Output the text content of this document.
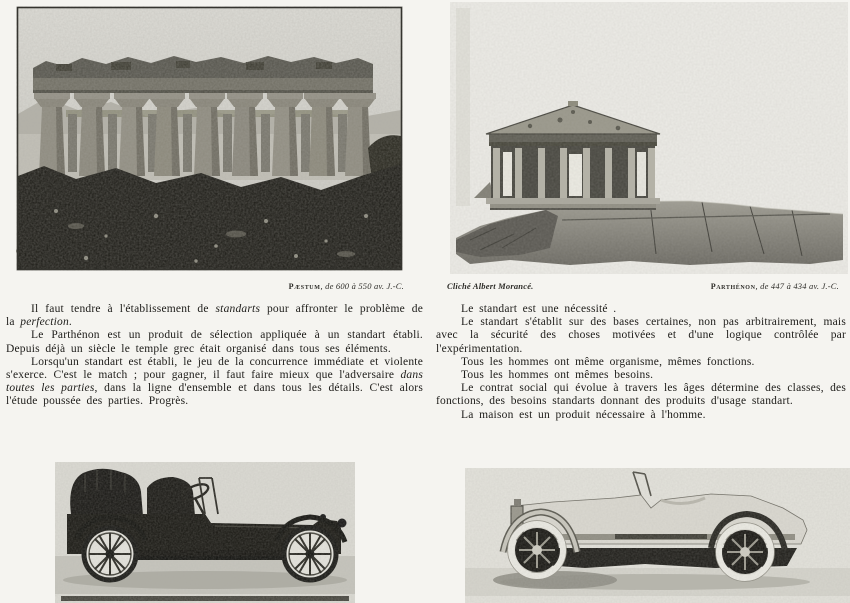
Pæstum, de 600 à 550 av. J.-C.	Cliché Albert Morancé.	Parthénon, de 447 à 434 av. J.-C.

Il faut tendre à l'établissement de standarts pour affronter le problème de la perfection.

Le Parthénon est un produit de sélection appliquée à un standart établi. Depuis déjà un siècle le temple grec était organisé dans tous ses éléments.

Lorsqu'un standart est établi, le jeu de la concurrence immédiate et violente s'exerce. C'est le match ; pour gagner, il faut faire mieux que l'adversaire dans toutes les parties, dans la ligne d'ensemble et dans tous les détails. C'est alors l'étude poussée des parties. Progrès.

Le standart est une nécessité .

Le standart s'établit sur des bases certaines, non pas arbitrairement, mais avec la sécurité des choses motivées et d'une logique contrôlée par l'expérimentation.

Tous les hommes ont même organisme, mêmes fonctions.

Tous les hommes ont mêmes besoins.

Le contrat social qui évolue à travers les âges détermine des classes, des fonctions, des besoins standarts donnant des produits d'usage standart.

La maison est un produit nécessaire à l'homme.
